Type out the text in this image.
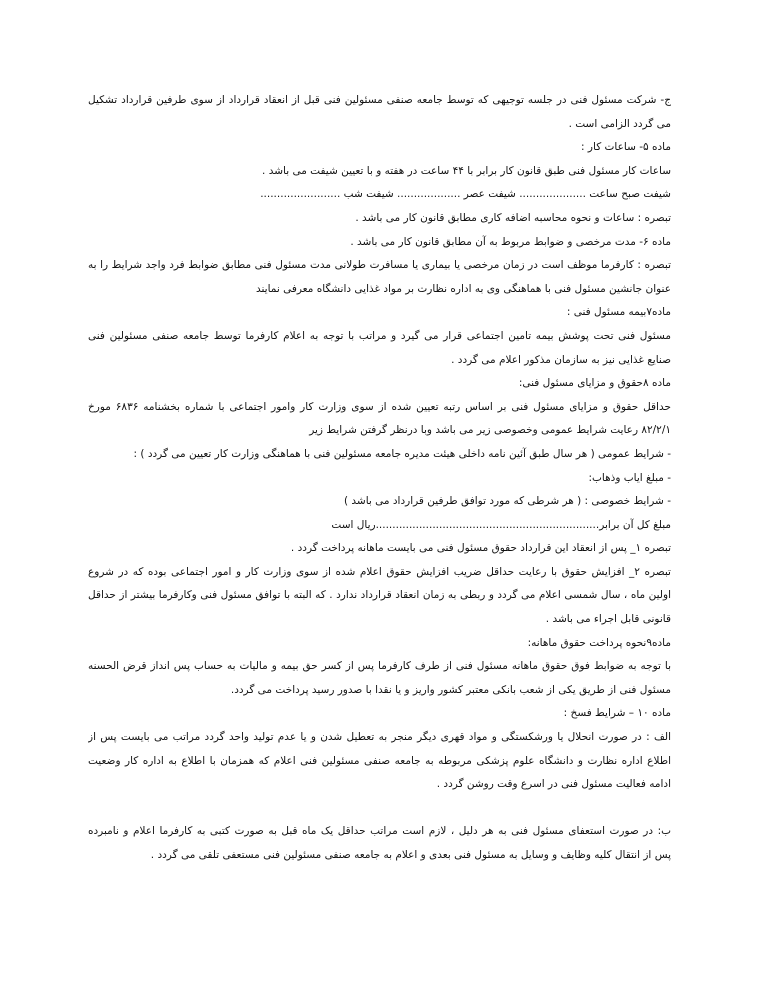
ج- شرکت مسئول فنی در جلسه توجیهی که توسط جامعه صنفی مسئولین فنی قبل از انعقاد قرارداد از سوی طرفین قرارداد تشکیل
می گردد الزامی است .
ماده ۵- ساعات کار :
ساعات کار مسئول فنی طبق قانون کار برابر با ۴۴ ساعت در هفته و با تعیین شیفت می باشد .
شیفت صبح ساعت .................... شیفت عصر ................... شیفت شب ........................
تبصره : ساعات و نحوه محاسبه اضافه کاری مطابق قانون کار می باشد .
ماده ۶- مدت مرخصی و ضوابط مربوط به آن مطابق قانون کار می باشد .
تبصره : کارفرما موظف است در زمان مرخصی یا بیماری یا مسافرت طولانی مدت مسئول فنی مطابق ضوابط فرد واجد شرایط را به
عنوان جانشین مسئول فنی با هماهنگی وی به اداره نظارت بر مواد غذایی دانشگاه معرفی نمایند
ماده۷بیمه مسئول فنی :
مسئول فنی تحت پوشش بیمه تامین اجتماعی قرار می گیرد و مراتب با توجه به اعلام کارفرما توسط جامعه صنفی مسئولین فنی
صنایع غذایی نیز به سازمان مذکور اعلام می گردد .
ماده ۸حقوق و مزایای مسئول فنی:
حداقل حقوق و مزایای مسئول فنی بر اساس رتبه تعیین شده از سوی وزارت کار وامور اجتماعی با شماره بخشنامه ۶۸۳۶ مورخ
۸۲/۲/۱ رعایت شرایط عمومی وخصوصی زیر می باشد وبا درنظر گرفتن شرایط زیر
- شرایط عمومی ( هر سال طبق آئین نامه داخلی هیئت مدیره جامعه مسئولین فنی با هماهنگی وزارت کار تعیین می گردد ) :
- مبلغ ایاب وذهاب:
- شرایط خصوصی : ( هر شرطی که مورد توافق طرفین قرارداد می باشد )
مبلغ کل آن برابر...................................................................ریال است
تبصره ۱_ پس از انعقاد این قرارداد حقوق مسئول فنی می بایست ماهانه پرداخت گردد .
تبصره ۲_ افزایش حقوق با رعایت حداقل ضریب افزایش حقوق اعلام شده از سوی وزارت کار و امور اجتماعی بوده که در شروع
اولین ماه ، سال شمسی اعلام می گردد و ربطی به زمان انعقاد قرارداد ندارد . که البته با توافق مسئول فنی وکارفرما بیشتر از حداقل
قانونی قابل اجراء می باشد .
ماده۹نحوه پرداخت حقوق ماهانه:
با توجه به ضوابط فوق حقوق ماهانه مسئول فنی از طرف کارفرما پس از کسر حق بیمه و مالیات به حساب پس انداز قرض الحسنه
مسئول فنی از طریق یکی از شعب بانکی معتبر کشور واریز و یا نقدا با صدور رسید پرداخت می گردد.
ماده ۱۰ – شرایط فسخ :
الف : در صورت انحلال یا ورشکستگی و مواد قهری دیگر منجر به تعطیل شدن و یا عدم تولید واحد گردد مراتب می بایست پس از
اطلاع اداره نظارت و دانشگاه علوم پزشکی مربوطه به جامعه صنفی مسئولین فنی اعلام که همزمان با اطلاع به اداره کار وضعیت
ادامه فعالیت مسئول فنی در اسرع وقت روشن گردد .
ب: در صورت استعفای مسئول فنی به هر دلیل ، لازم است مراتب حداقل یک ماه قبل به صورت کتبی به کارفرما اعلام و نامبرده
پس از انتقال کلیه وظایف و وسایل به مسئول فنی بعدی و اعلام به جامعه صنفی مسئولین فنی مستعفی تلقی می گردد .
